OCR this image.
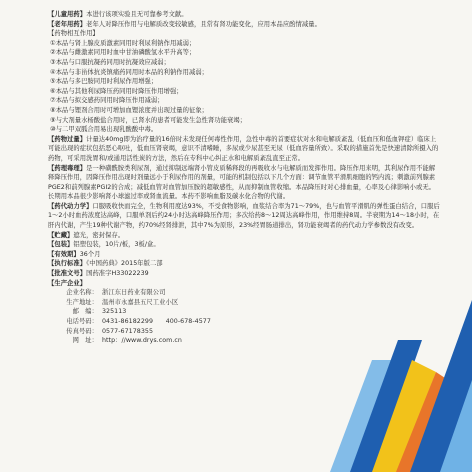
【儿童用药】本进行该项实验且无可靠参考文献。

【老年用药】老年人对降压作用与电解质改变较敏感，且常有肾功能变化，应用本品应酌情减量。

【药物相互作用】

①本品与肾上腺皮质激素同用时利尿利钠作用减弱；

②本品与雌激素同用时血中甘油磷酸氢水平升高等；

③本品与口服抗凝药同用时抗凝效应减弱；

④本品与非甾体抗炎镇痛药同用时本品的利钠作用减弱；

⑤本品与多巴胺同用时利尿作用增强；

⑥本品与其他利尿降压药同用时降压作用增强；

⑦本品与拟交感药同用时降压作用减弱；

⑧本品与锂剂合用时可增加血锂浓度并出现过量的征象；

⑨与大剂量水杨酸盐合用时，已肾水的患者可能发生急性肾功能衰竭；

⑩与二甲双胍合用易出现乳酸酸中毒。

【药物过量】计量达40mg即为治疗量的16倍时未发现任何毒性作用，急性中毒的首要症状对水和电解质紊乱（低血压和低血钾症）临床上可能出现的症状包括恶心呕吐，低血压肾衰竭，意识不清嗜睡，多尿或少尿甚至无尿（低血容量所致）。采取的措施首先是快速清除所摄入的药物，可采用洗胃和/或通用活性炭的方法，然后在专科中心纠正水和电解质紊乱直至正常。

【药理毒理】是一种磺酰胺类利尿剂，通过抑制远端肾小管皮质稀释段的再吸收水与电解质而发挥作用。降压作用来明，其利尿作用不能解释降压作用，因降压作用出现时剂量远小于利尿作用的剂量，可能的机制包括以下几个方面：调节血管平滑肌细胞的钙内流；刺激前列腺素PGE2和前列腺素PGI2的合成；减低血管对血管加压胺的超敏感性，从而抑制血管收缩。本品降压时对心排血量，心率及心律影响小或无。长期用本品很少影响肾小球滤过率或肾血流量。本药不影响血脂及碳水化合物的代谢。

【药代动力学】口服吸收快而完全，生物利用度达93%，不受食物影响，血浆结合率为71～79%，也与血管平滑肌的弹性蛋白结合，口服后1～2小时血药浓度达高峰，口服单剂后约24小时达高峰降压作用；多次给药8～12周达高峰作用，作用维持8周。半衰期为14～18小时，在肝内代谢，产生19种代谢产物，约70%经肾排泄，其中7%为原形，23%经胃肠道排出，肾功能衰竭者的药代动力学参数没有改变。

【贮藏】遮光，密封保存。

【包装】铝塑包装，10片/板，3板/盒。

【有效期】36个月

【执行标准】《中国药典》2015年版二部

【批准文号】国药准字H33022239

【生产企业】

企业名称： 浙江东日药业有限公司
生产地址： 温州市永嘉县五尺工业小区
邮　编： 325113
电话号码： 0431-86182299　　400-678-4577
传真号码： 0577-67178355
网　址： http：//www.drys.com.cn
